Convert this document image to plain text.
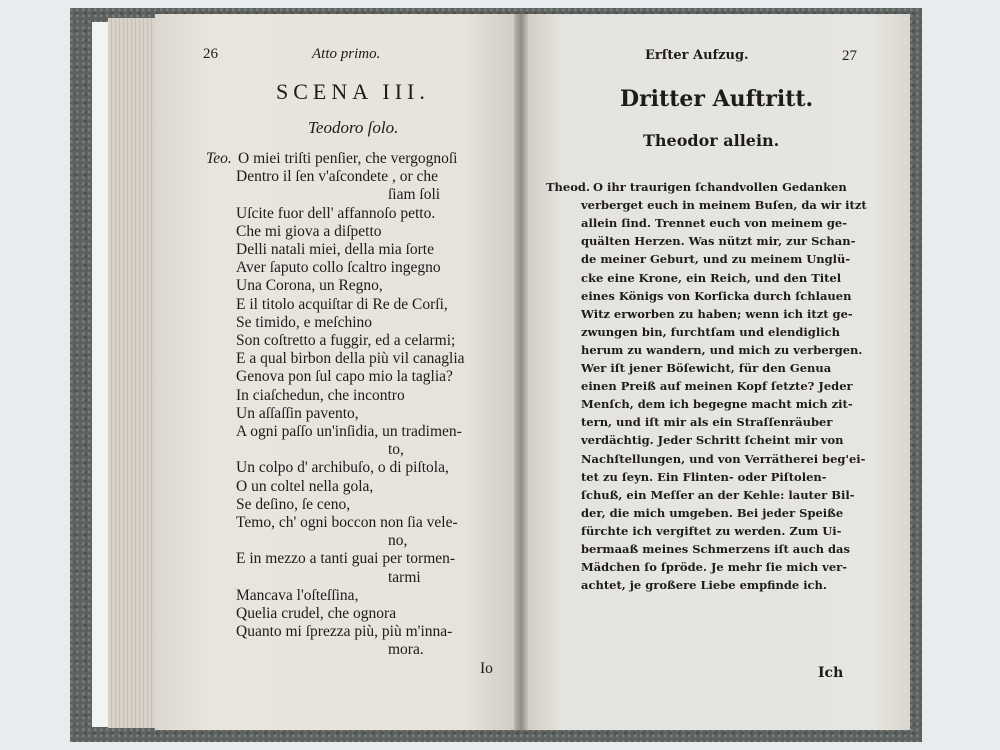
26	Atto primo.
SCENA III.
Teodoro ſolo.
Teo. O miei triſti penſier, che vergognoſi
Dentro il ſen v'aſcondete , or che
ſiam ſoli
Uſcite fuor dell' affannoſo petto.
Che mi giova a diſpetto
Delli natali miei, della mia ſorte
Aver ſaputo collo ſcaltro ingegno
Una Corona, un Regno,
E il titolo acquiſtar di Re de Corſi,
Se timido, e meſchino
Son coſtretto a fuggir, ed a celarmi;
E a qual birbon della più vil canaglia
Genova pon ſul capo mio la taglia?
In ciaſchedun, che incontro
Un aſſaſſin pavento,
A ogni paſſo un'inſidia, un tradimen-
to,
Un colpo d' archibuſo, o di piſtola,
O un coltel nella gola,
Se deſino, ſe ceno,
Temo, ch' ogni boccon non ſia vele-
no,
E in mezzo a tanti guai per tormen-
tarmi
Mancava l'oſteſſina,
Quelia crudel, che ognora
Quanto mi ſprezza più, più m'inna-
mora.
Io
Erſter Aufzug.	27
Dritter Auftritt.
Theodor allein.
Theod. O ihr traurigen ſchandvollen Gedanken
verberget euch in meinem Buſen, da wir itzt
allein ſind. Trennet euch von meinem ge-
quälten Herzen. Was nützt mir, zur Schan-
de meiner Geburt, und zu meinem Unglü-
cke eine Krone, ein Reich, und den Titel
eines Königs von Korſicka durch ſchlauen
Witz erworben zu haben; wenn ich itzt ge-
zwungen bin, furchtſam und elendiglich
herum zu wandern, und mich zu verbergen.
Wer iſt jener Böſewicht, für den Genua
einen Preiß auf meinen Kopf ſetzte? Jeder
Menſch, dem ich begegne macht mich zit-
tern, und iſt mir als ein Straſſenräuber
verdächtig. Jeder Schritt ſcheint mir von
Nachſtellungen, und von Verrätherei beg'ei-
tet zu ſeyn. Ein Flinten- oder Piſtolen-
ſchuß, ein Meſſer an der Kehle: lauter Bil-
der, die mich umgeben. Bei jeder Speiße
fürchte ich vergiftet zu werden. Zum Ui-
bermaaß meines Schmerzens iſt auch das
Mädchen ſo ſpröde. Je mehr ſie mich ver-
achtet, je großere Liebe empfinde ich.
Ich
